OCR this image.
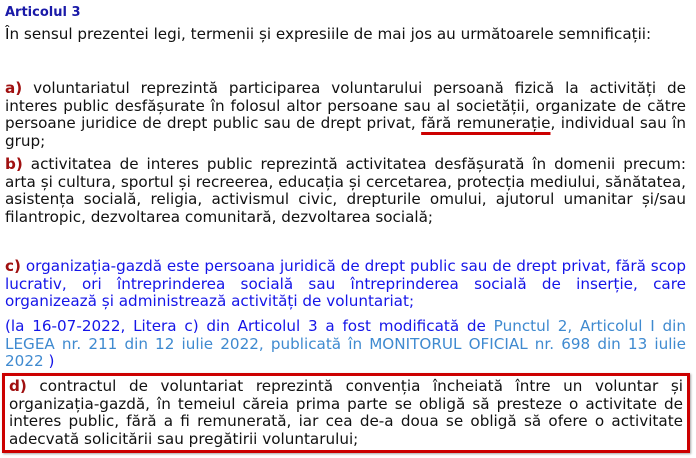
Articolul 3
În sensul prezentei legi, termenii și expresiile de mai jos au următoarele semnificații:
a) voluntariatul reprezintă participarea voluntarului persoană fizică la activități de interes public desfășurate în folosul altor persoane sau al societății, organizate de către persoane juridice de drept public sau de drept privat, fără remunerație, individual sau în grup;
b) activitatea de interes public reprezintă activitatea desfășurată în domenii precum: arta și cultura, sportul și recreerea, educația și cercetarea, protecția mediului, sănătatea, asistența socială, religia, activismul civic, drepturile omului, ajutorul umanitar și/sau filantropic, dezvoltarea comunitară, dezvoltarea socială;
c) organizația-gazdă este persoana juridică de drept public sau de drept privat, fără scop lucrativ, ori întreprinderea socială sau întreprinderea socială de inserție, care organizează și administrează activități de voluntariat;
(la 16-07-2022, Litera c) din Articolul 3 a fost modificată de Punctul 2, Articolul I din LEGEA nr. 211 din 12 iulie 2022, publicată în MONITORUL OFICIAL nr. 698 din 13 iulie 2022 )
d) contractul de voluntariat reprezintă convenția încheiată între un voluntar și organizația-gazdă, în temeiul căreia prima parte se obligă să presteze o activitate de interes public, fără a fi remunerată, iar cea de-a doua se obligă să ofere o activitate adecvată solicitării sau pregătirii voluntarului;
